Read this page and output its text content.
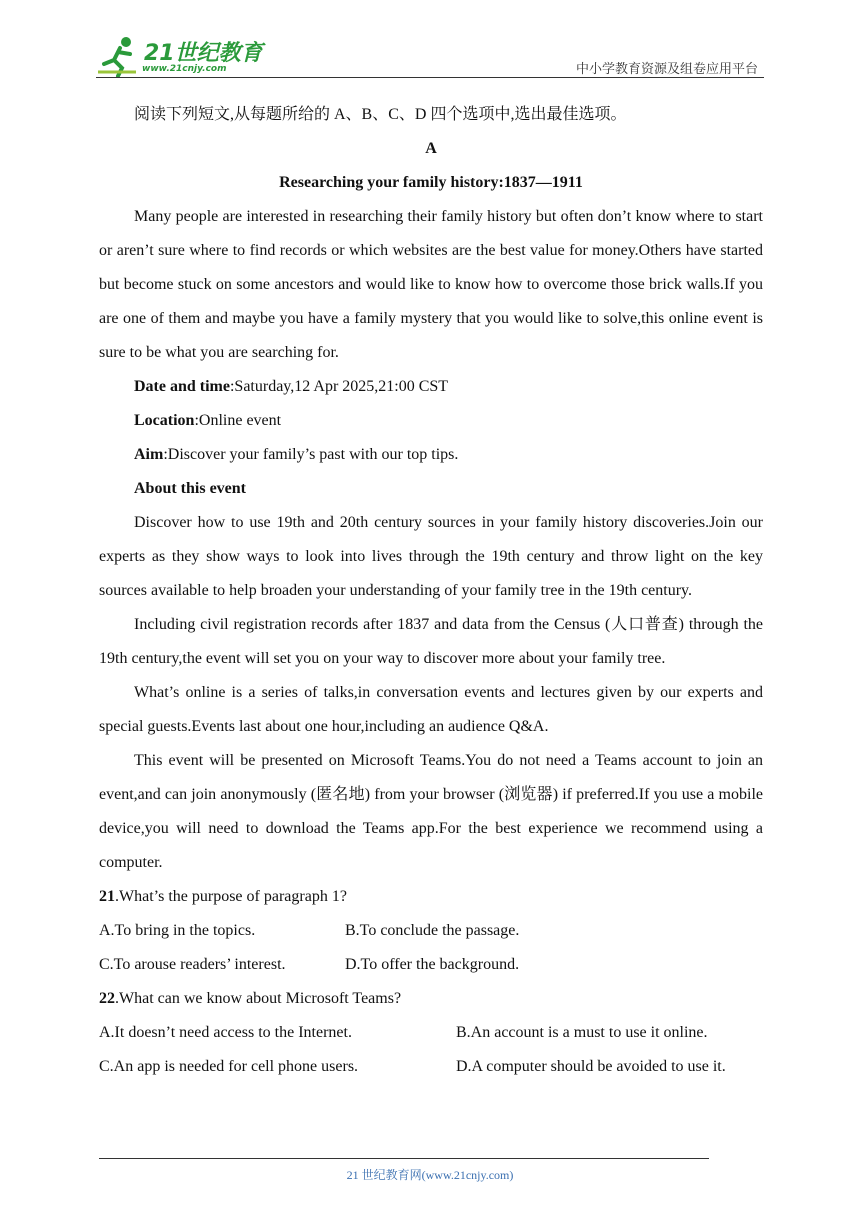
21世纪教育
www.21cnjy.com	中小学教育资源及组卷应用平台

阅读下列短文,从每题所给的 A、B、C、D 四个选项中,选出最佳选项。

A

Researching your family history:1837—1911

Many people are interested in researching their family history but often don’t know where to start or aren’t sure where to find records or which websites are the best value for money.Others have started but become stuck on some ancestors and would like to know how to overcome those brick walls.If you are one of them and maybe you have a family mystery that you would like to solve,this online event is sure to be what you are searching for.

Date and time:Saturday,12 Apr 2025,21:00 CST

Location:Online event

Aim:Discover your family’s past with our top tips.

About this event

Discover how to use 19th and 20th century sources in your family history discoveries.Join our experts as they show ways to look into lives through the 19th century and throw light on the key sources available to help broaden your understanding of your family tree in the 19th century.

Including civil registration records after 1837 and data from the Census (人口普查) through the 19th century,the event will set you on your way to discover more about your family tree.

What’s online is a series of talks,in conversation events and lectures given by our experts and special guests.Events last about one hour,including an audience Q&A.

This event will be presented on Microsoft Teams.You do not need a Teams account to join an event,and can join anonymously (匿名地) from your browser (浏览器) if preferred.If you use a mobile device,you will need to download the Teams app.For the best experience we recommend using a computer.

21.What’s the purpose of paragraph 1?

A.To bring in the topics.	B.To conclude the passage.
C.To arouse readers’ interest.	D.To offer the background.

22.What can we know about Microsoft Teams?

A.It doesn’t need access to the Internet.	B.An account is a must to use it online.
C.An app is needed for cell phone users.	D.A computer should be avoided to use it.
21 世纪教育网(www.21cnjy.com)
